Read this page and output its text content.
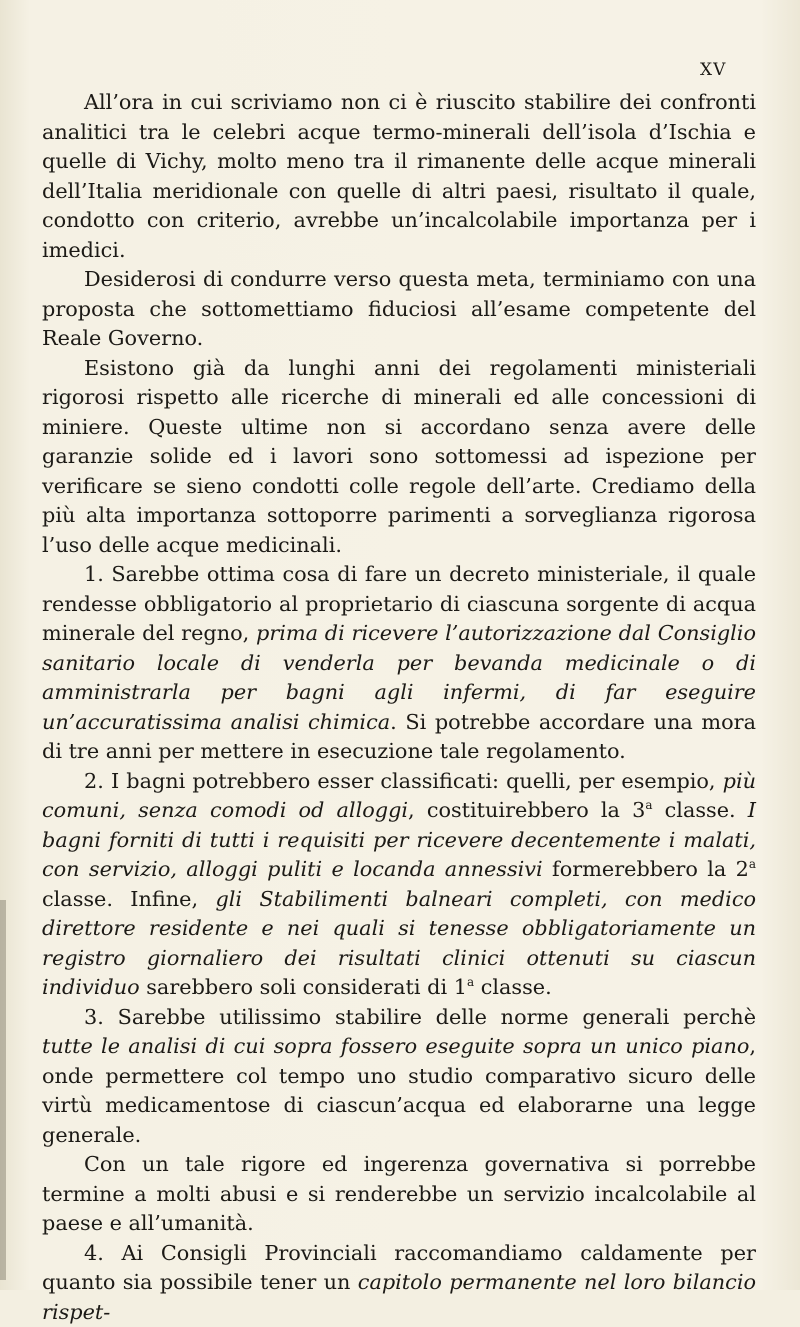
XV

All’ora in cui scriviamo non ci è riuscito stabilire dei confronti analitici tra le celebri acque termo-minerali dell’isola d’Ischia e quelle di Vichy, molto meno tra il rimanente delle acque minerali dell’Italia meridionale con quelle di altri paesi, risultato il quale, condotto con criterio, avrebbe un’incalcolabile importanza per i imedici.

Desiderosi di condurre verso questa meta, terminiamo con una proposta che sottomettiamo fiduciosi all’esame competente del Reale Governo.

Esistono già da lunghi anni dei regolamenti ministeriali rigorosi rispetto alle ricerche di minerali ed alle concessioni di miniere. Queste ultime non si accordano senza avere delle garanzie solide ed i lavori sono sottomessi ad ispezione per verificare se sieno condotti colle regole dell’arte. Crediamo della più alta importanza sottoporre parimenti a sorveglianza rigorosa l’uso delle acque medicinali.

1. Sarebbe ottima cosa di fare un decreto ministeriale, il quale rendesse obbligatorio al proprietario di ciascuna sorgente di acqua minerale del regno, prima di ricevere l’autorizzazione dal Consiglio sanitario locale di venderla per bevanda medicinale o di amministrarla per bagni agli infermi, di far eseguire un’accuratissima analisi chimica. Si potrebbe accordare una mora di tre anni per mettere in esecuzione tale regolamento.

2. I bagni potrebbero esser classificati: quelli, per esempio, più comuni, senza comodi od alloggi, costituirebbero la 3$^a$ classe. I bagni forniti di tutti i requisiti per ricevere decentemente i malati, con servizio, alloggi puliti e locanda annessivi formerebbero la 2$^a$ classe. Infine, gli Stabilimenti balneari completi, con medico direttore residente e nei quali si tenesse obbligatoriamente un registro giornaliero dei risultati clinici ottenuti su ciascun individuo sarebbero soli considerati di 1$^a$ classe.

3. Sarebbe utilissimo stabilire delle norme generali perchè tutte le analisi di cui sopra fossero eseguite sopra un unico piano, onde permettere col tempo uno studio comparativo sicuro delle virtù medicamentose di ciascun’acqua ed elaborarne una legge generale.

Con un tale rigore ed ingerenza governativa si porrebbe termine a molti abusi e si renderebbe un servizio incalcolabile al paese e all’umanità.

4. Ai Consigli Provinciali raccomandiamo caldamente per quanto sia possibile tener un capitolo permanente nel loro bilancio rispet-
